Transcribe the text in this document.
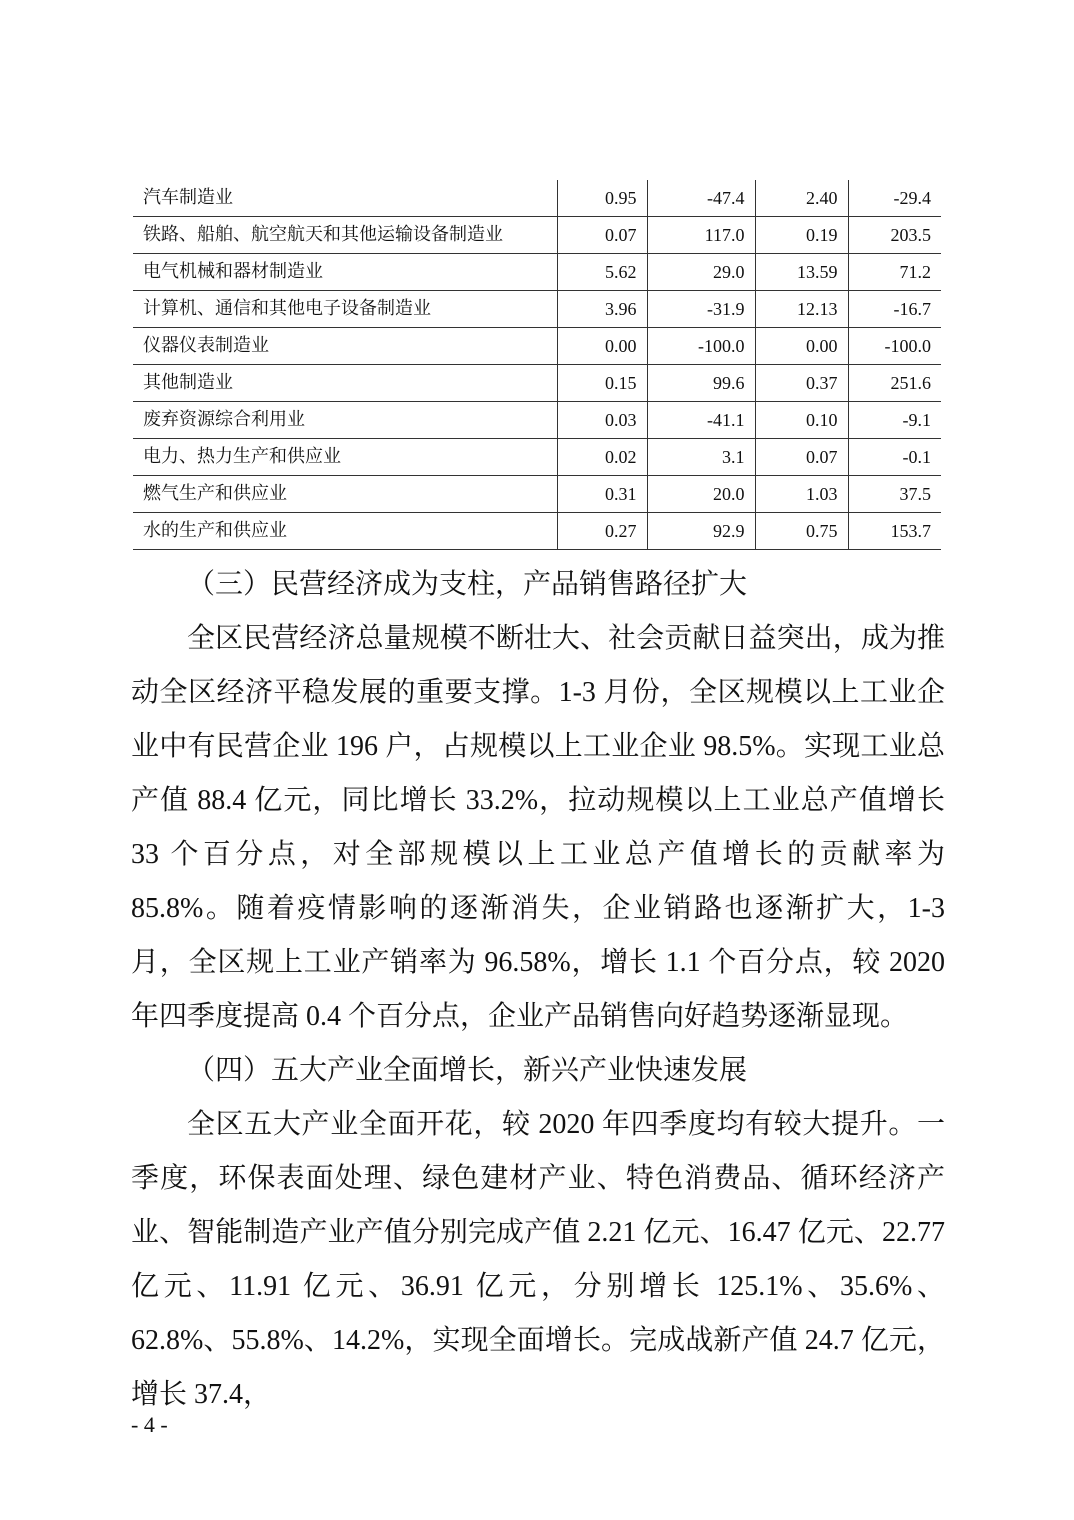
汽车制造业	0.95	-47.4	2.40	-29.4
铁路、船舶、航空航天和其他运输设备制造业	0.07	117.0	0.19	203.5
电气机械和器材制造业	5.62	29.0	13.59	71.2
计算机、通信和其他电子设备制造业	3.96	-31.9	12.13	-16.7
仪器仪表制造业	0.00	-100.0	0.00	-100.0
其他制造业	0.15	99.6	0.37	251.6
废弃资源综合利用业	0.03	-41.1	0.10	-9.1
电力、热力生产和供应业	0.02	3.1	0.07	-0.1
燃气生产和供应业	0.31	20.0	1.03	37.5
水的生产和供应业	0.27	92.9	0.75	153.7

（三）民营经济成为支柱，产品销售路径扩大

全区民营经济总量规模不断壮大、社会贡献日益突出，成为推动全区经济平稳发展的重要支撑。1-3 月份，全区规模以上工业企业中有民营企业 196 户，占规模以上工业企业 98.5%。实现工业总产值 88.4 亿元，同比增长 33.2%，拉动规模以上工业总产值增长 33 个百分点，对全部规模以上工业总产值增长的贡献率为 85.8%。随着疫情影响的逐渐消失，企业销路也逐渐扩大，1-3 月，全区规上工业产销率为 96.58%，增长 1.1 个百分点，较 2020 年四季度提高 0.4 个百分点，企业产品销售向好趋势逐渐显现。

（四）五大产业全面增长，新兴产业快速发展

全区五大产业全面开花，较 2020 年四季度均有较大提升。一季度，环保表面处理、绿色建材产业、特色消费品、循环经济产业、智能制造产业产值分别完成产值 2.21 亿元、16.47 亿元、22.77 亿元、11.91 亿元、36.91 亿元，分别增长 125.1%、35.6%、62.8%、55.8%、14.2%，实现全面增长。完成战新产值 24.7 亿元，增长 37.4，

- 4 -
